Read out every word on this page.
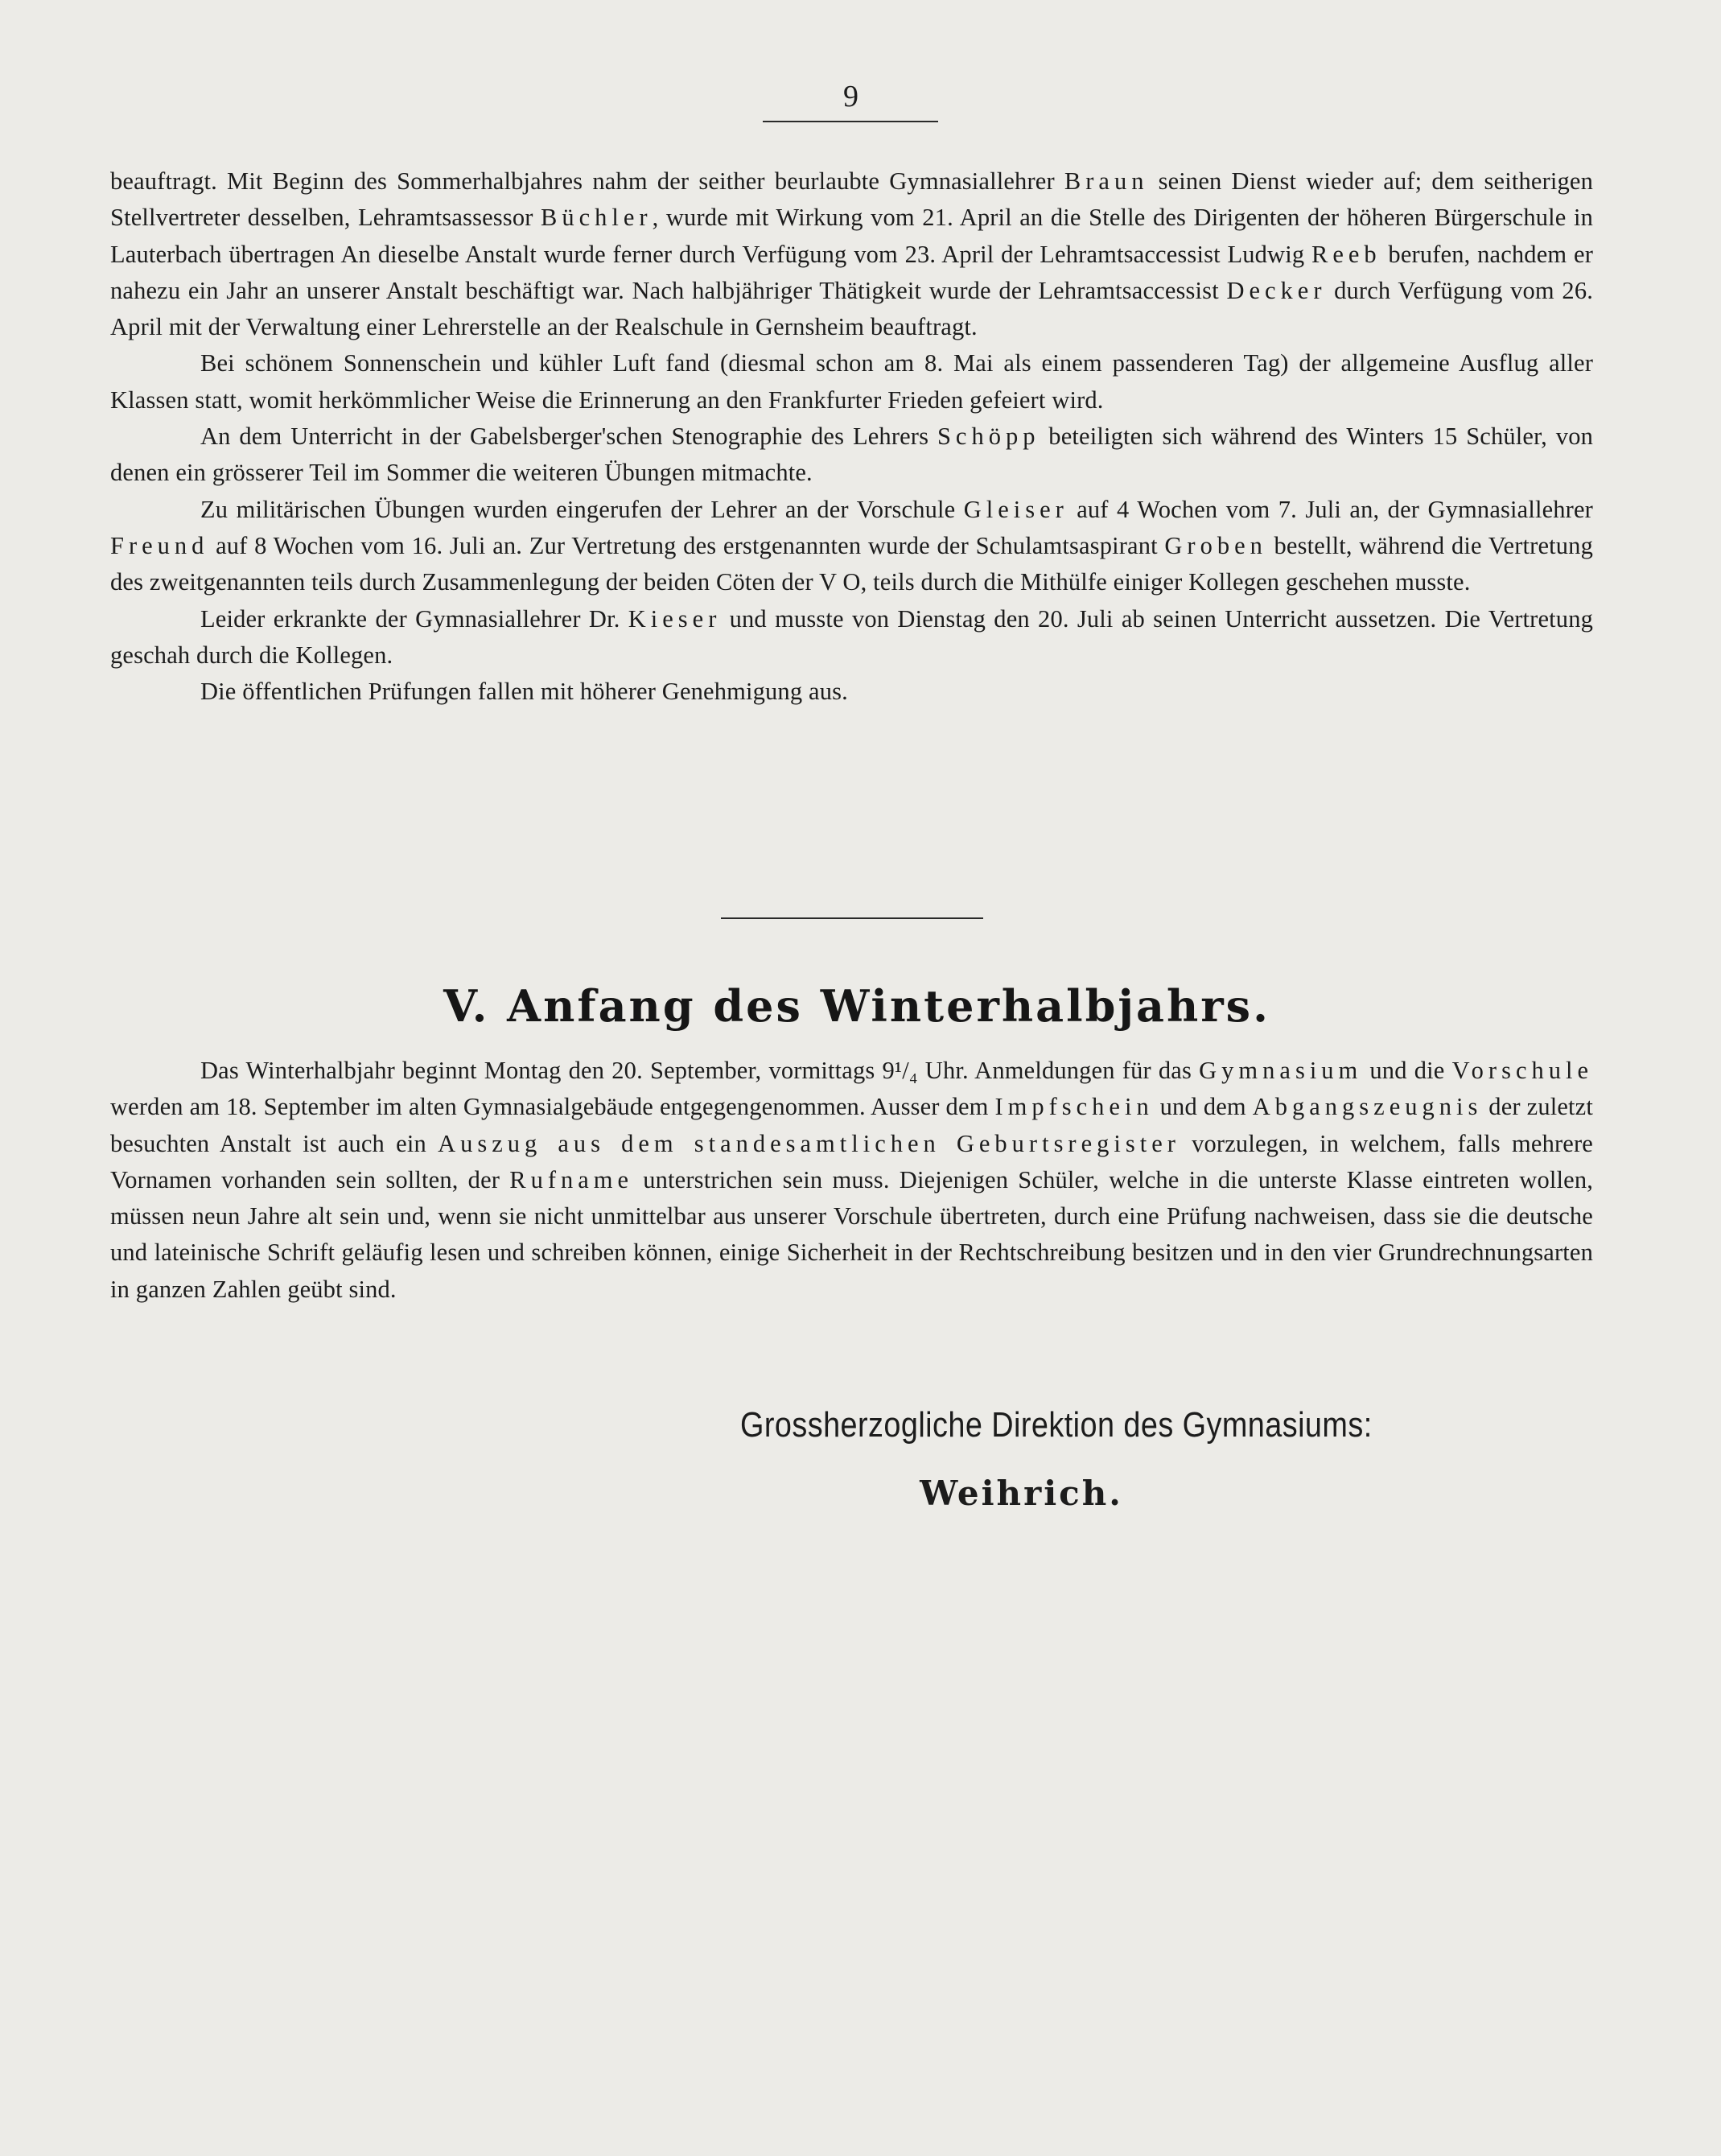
9

beauftragt. Mit Beginn des Sommerhalbjahres nahm der seither beurlaubte Gymnasiallehrer Braun seinen Dienst wieder auf; dem seitherigen Stellvertreter desselben, Lehramtsassessor Büchler, wurde mit Wirkung vom 21. April an die Stelle des Dirigenten der höheren Bürgerschule in Lauterbach übertragen An dieselbe Anstalt wurde ferner durch Verfügung vom 23. April der Lehramtsaccessist Ludwig Reeb berufen, nachdem er nahezu ein Jahr an unserer Anstalt beschäftigt war. Nach halbjähriger Thätigkeit wurde der Lehramtsaccessist Decker durch Verfügung vom 26. April mit der Verwaltung einer Lehrerstelle an der Realschule in Gernsheim beauftragt.

Bei schönem Sonnenschein und kühler Luft fand (diesmal schon am 8. Mai als einem passenderen Tag) der allgemeine Ausflug aller Klassen statt, womit herkömmlicher Weise die Erinnerung an den Frankfurter Frieden gefeiert wird.

An dem Unterricht in der Gabelsberger'schen Stenographie des Lehrers Schöpp beteiligten sich während des Winters 15 Schüler, von denen ein grösserer Teil im Sommer die weiteren Übungen mitmachte.

Zu militärischen Übungen wurden eingerufen der Lehrer an der Vorschule Gleiser auf 4 Wochen vom 7. Juli an, der Gymnasiallehrer Freund auf 8 Wochen vom 16. Juli an. Zur Vertretung des erstgenannten wurde der Schulamtsaspirant Groben bestellt, während die Vertretung des zweitgenannten teils durch Zusammenlegung der beiden Cöten der V O, teils durch die Mithülfe einiger Kollegen geschehen musste.

Leider erkrankte der Gymnasiallehrer Dr. Kieser und musste von Dienstag den 20. Juli ab seinen Unterricht aussetzen. Die Vertretung geschah durch die Kollegen.

Die öffentlichen Prüfungen fallen mit höherer Genehmigung aus.

V. Anfang des Winterhalbjahrs.

Das Winterhalbjahr beginnt Montag den 20. September, vormittags 9¹/₄ Uhr. Anmeldungen für das Gymnasium und die Vorschule werden am 18. September im alten Gymnasialgebäude entgegengenommen. Ausser dem Impfschein und dem Abgangszeugnis der zuletzt besuchten Anstalt ist auch ein Auszug aus dem standesamtlichen Geburtsregister vorzulegen, in welchem, falls mehrere Vornamen vorhanden sein sollten, der Rufname unterstrichen sein muss. Diejenigen Schüler, welche in die unterste Klasse eintreten wollen, müssen neun Jahre alt sein und, wenn sie nicht unmittelbar aus unserer Vorschule übertreten, durch eine Prüfung nachweisen, dass sie die deutsche und lateinische Schrift geläufig lesen und schreiben können, einige Sicherheit in der Rechtschreibung besitzen und in den vier Grundrechnungsarten in ganzen Zahlen geübt sind.

Grossherzogliche Direktion des Gymnasiums:
Weihrich.
